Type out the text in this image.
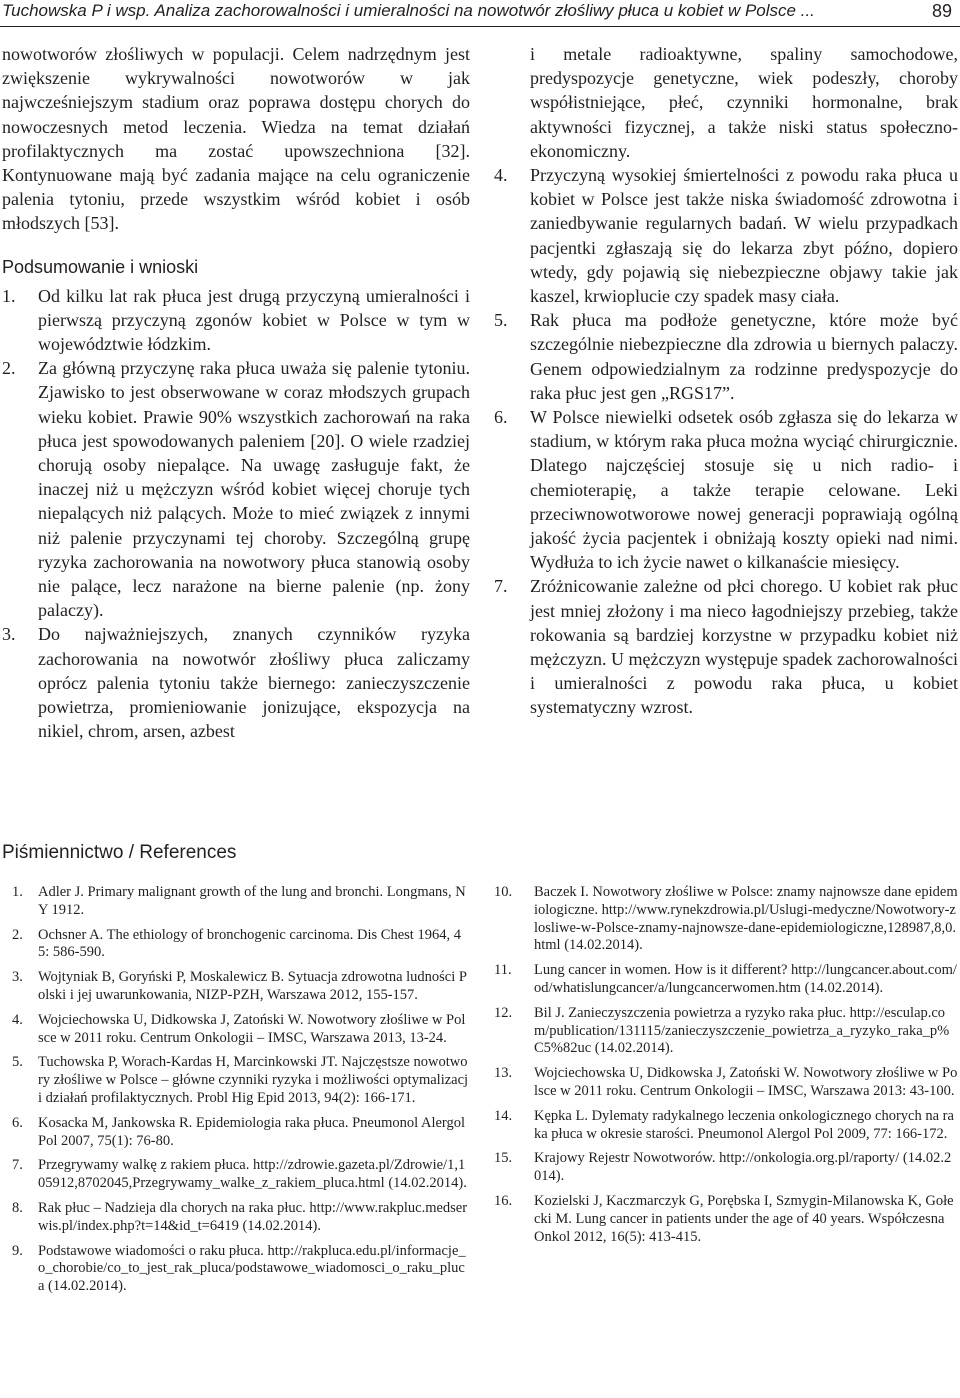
Tuchowska P i wsp. Analiza zachorowalności i umieralności na nowotwór złośliwy płuca u kobiet w Polsce ...	89

nowotworów złośliwych w populacji. Celem nadrzędnym jest zwiększenie wykrywalności nowotworów w jak najwcześniejszym stadium oraz poprawa dostępu chorych do nowoczesnych metod leczenia. Wiedza na temat działań profilaktycznych ma zostać upowszechniona [32]. Kontynuowane mają być zadania mające na celu ograniczenie palenia tytoniu, przede wszystkim wśród kobiet i osób młodszych [53].

Podsumowanie i wnioski
1. Od kilku lat rak płuca jest drugą przyczyną umieralności i pierwszą przyczyną zgonów kobiet w Polsce w tym w województwie łódzkim.
2. Za główną przyczynę raka płuca uważa się palenie tytoniu. Zjawisko to jest obserwowane w coraz młodszych grupach wieku kobiet. Prawie 90% wszystkich zachorowań na raka płuca jest spowodowanych paleniem [20]. O wiele rzadziej chorują osoby niepalące. Na uwagę zasługuje fakt, że inaczej niż u mężczyzn wśród kobiet więcej choruje tych niepalących niż palących. Może to mieć związek z innymi niż palenie przyczynami tej choroby. Szczególną grupę ryzyka zachorowania na nowotwory płuca stanowią osoby nie palące, lecz narażone na bierne palenie (np. żony palaczy).
3. Do najważniejszych, znanych czynników ryzyka zachorowania na nowotwór złośliwy płuca zaliczamy oprócz palenia tytoniu także biernego: zanieczyszczenie powietrza, promieniowanie jonizujące, ekspozycja na nikiel, chrom, arsen, azbest
i metale radioaktywne, spaliny samochodowe, predyspozycje genetyczne, wiek podeszły, choroby współistniejące, płeć, czynniki hormonalne, brak aktywności fizycznej, a także niski status społeczno-ekonomiczny.
4. Przyczyną wysokiej śmiertelności z powodu raka płuca u kobiet w Polsce jest także niska świadomość zdrowotna i zaniedbywanie regularnych badań. W wielu przypadkach pacjentki zgłaszają się do lekarza zbyt późno, dopiero wtedy, gdy pojawią się niebezpieczne objawy takie jak kaszel, krwioplucie czy spadek masy ciała.
5. Rak płuca ma podłoże genetyczne, które może być szczególnie niebezpieczne dla zdrowia u biernych palaczy. Genem odpowiedzialnym za rodzinne predyspozycje do raka płuc jest gen „RGS17”.
6. W Polsce niewielki odsetek osób zgłasza się do lekarza w stadium, w którym raka płuca można wyciąć chirurgicznie. Dlatego najczęściej stosuje się u nich radio- i chemioterapię, a także terapie celowane. Leki przeciwnowotworowe nowej generacji poprawiają ogólną jakość życia pacjentek i obniżają koszty opieki nad nimi. Wydłuża to ich życie nawet o kilkanaście miesięcy.
7. Zróżnicowanie zależne od płci chorego. U kobiet rak płuc jest mniej złożony i ma nieco łagodniejszy przebieg, także rokowania są bardziej korzystne w przypadku kobiet niż mężczyzn. U mężczyzn występuje spadek zachorowalności i umieralności z powodu raka płuca, u kobiet systematyczny wzrost.
Piśmiennictwo / References
1. Adler J. Primary malignant growth of the lung and bronchi. Longmans, NY 1912.
2. Ochsner A. The ethiology of bronchogenic carcinoma. Dis Chest 1964, 45: 586-590.
3. Wojtyniak B, Goryński P, Moskalewicz B. Sytuacja zdrowotna ludności Polski i jej uwarunkowania, NIZP-PZH, Warszawa 2012, 155-157.
4. Wojciechowska U, Didkowska J, Zatoński W. Nowotwory złośliwe w Polsce w 2011 roku. Centrum Onkologii – IMSC, Warszawa 2013, 13-24.
5. Tuchowska P, Worach-Kardas H, Marcinkowski JT. Najczęstsze nowotwory złośliwe w Polsce – główne czynniki ryzyka i możliwości optymalizacji działań profilaktycznych. Probl Hig Epid 2013, 94(2): 166-171.
6. Kosacka M, Jankowska R. Epidemiologia raka płuca. Pneumonol Alergol Pol 2007, 75(1): 76-80.
7. Przegrywamy walkę z rakiem płuca. http://zdrowie.gazeta.pl/Zdrowie/1,105912,8702045,Przegrywamy_walke_z_rakiem_pluca.html (14.02.2014).
8. Rak płuc – Nadzieja dla chorych na raka płuc. http://www.rakpluc.medserwis.pl/index.php?t=14&id_t=6419 (14.02.2014).
9. Podstawowe wiadomości o raku płuca. http://rakpluca.edu.pl/informacje_o_chorobie/co_to_jest_rak_pluca/podstawowe_wiadomosci_o_raku_pluca (14.02.2014).
10. Baczek I. Nowotwory złośliwe w Polsce: znamy najnowsze dane epidemiologiczne. http://www.rynekzdrowia.pl/Uslugi-medyczne/Nowotwory-zlosliwe-w-Polsce-znamy-najnowsze-dane-epidemiologiczne,128987,8,0.html (14.02.2014).
11. Lung cancer in women. How is it different? http://lungcancer.about.com/od/whatislungcancer/a/lungcancerwomen.htm (14.02.2014).
12. Bil J. Zanieczyszczenia powietrza a ryzyko raka płuc. http://esculap.com/publication/131115/zanieczyszczenie_powietrza_a_ryzyko_raka_p%C5%82uc (14.02.2014).
13. Wojciechowska U, Didkowska J, Zatoński W. Nowotwory złośliwe w Polsce w 2011 roku. Centrum Onkologii – IMSC, Warszawa 2013: 43-100.
14. Kępka L. Dylematy radykalnego leczenia onkologicznego chorych na raka płuca w okresie starości. Pneumonol Alergol Pol 2009, 77: 166-172.
15. Krajowy Rejestr Nowotworów. http://onkologia.org.pl/raporty/ (14.02.2014).
16. Kozielski J, Kaczmarczyk G, Porębska I, Szmygin-Milanowska K, Gołecki M. Lung cancer in patients under the age of 40 years. Współczesna Onkol 2012, 16(5): 413-415.
